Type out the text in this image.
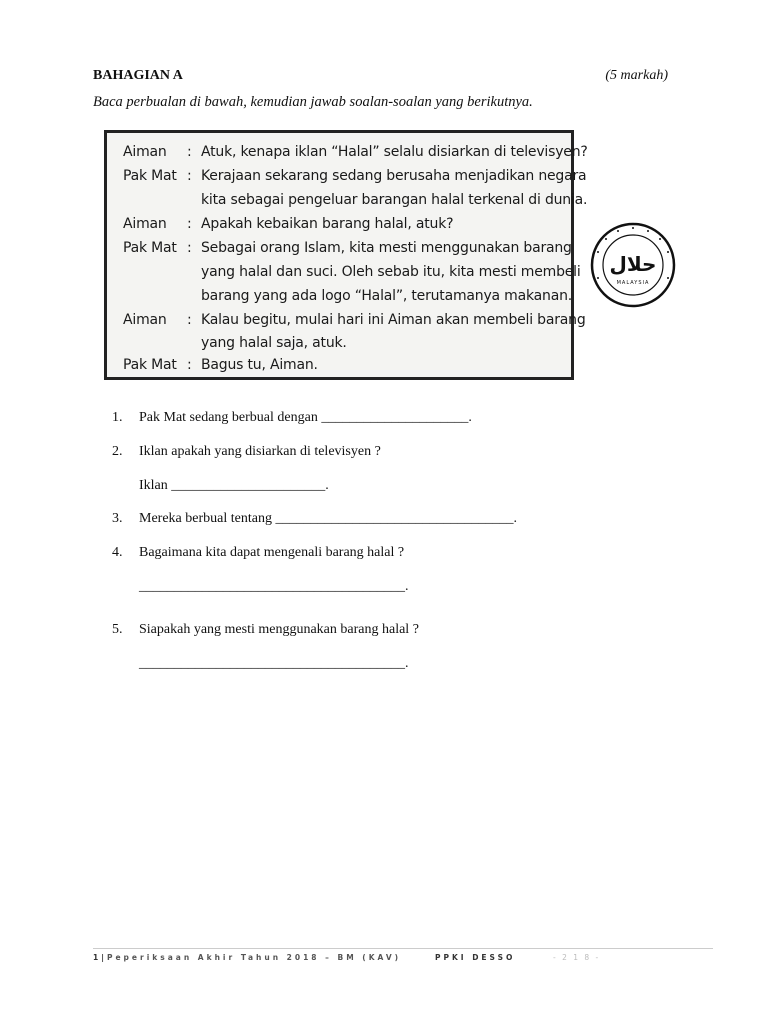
BAHAGIAN A	(5 markah)
Baca perbualan di bawah, kemudian jawab soalan-soalan yang berikutnya.
Aiman : Atuk, kenapa iklan “Halal” selalu disiarkan di televisyen?
Pak Mat : Kerajaan sekarang sedang berusaha menjadikan negara
kita sebagai pengeluar barangan halal terkenal di dunia.
Aiman : Apakah kebaikan barang halal, atuk?
Pak Mat : Sebagai orang Islam, kita mesti menggunakan barang
yang halal dan suci. Oleh sebab itu, kita mesti membeli
barang yang ada logo “Halal”, terutamanya makanan.
Aiman : Kalau begitu, mulai hari ini Aiman akan membeli barang
yang halal saja, atuk.
Pak Mat : Bagus tu, Aiman.
حلال
MALAYSIA
1. Pak Mat sedang berbual dengan _____________________.
2. Iklan apakah yang disiarkan di televisyen ?
Iklan ______________________.
3. Mereka berbual tentang __________________________________.
4. Bagaimana kita dapat mengenali barang halal ?
______________________________________.
5. Siapakah yang mesti menggunakan barang halal ?
______________________________________.
1|Peperiksaan Akhir Tahun 2018 – BM (KAV)	PPKI DESSO	- 2 1 8 -
